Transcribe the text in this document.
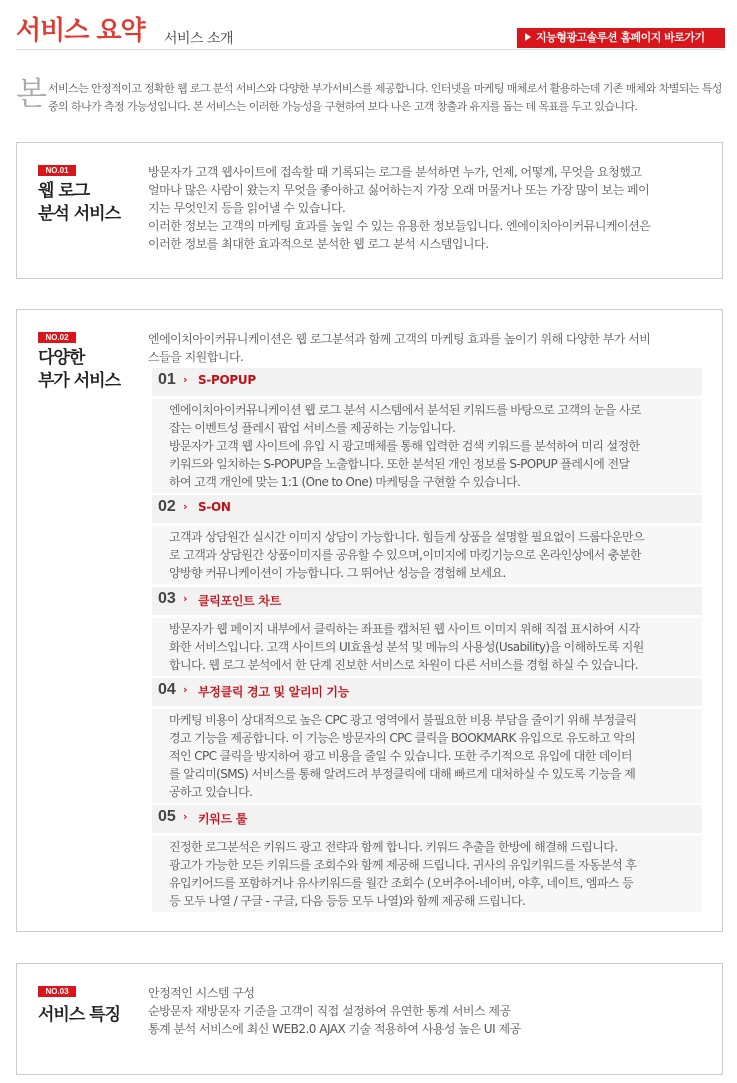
서비스 요약 서비스 소개	지능형광고솔루션 홈페이지 바로가기
본 서비스는 안정적이고 정확한 웹 로그 분석 서비스와 다양한 부가서비스를 제공합니다. 인터넷을 마케팅 매체로서 활용하는데 기존 매체와 차별되는 특성
중의 하나가 측정 가능성입니다. 본 서비스는 이러한 가능성을 구현하여 보다 나은 고객 창출과 유지를 돕는 데 목표를 두고 있습니다.
NO.01
웹 로그
분석 서비스

방문자가 고객 웹사이트에 접속할 때 기록되는 로그를 분석하면 누가, 언제, 어떻게, 무엇을 요청했고

얼마나 많은 사람이 왔는지 무엇을 좋아하고 싫어하는지 가장 오래 머물거나 또는 가장 많이 보는 페이

지는 무엇인지 등을 읽어낼 수 있습니다.

이러한 정보는 고객의 마케팅 효과를 높일 수 있는 유용한 정보들입니다. 엔에이치아이커뮤니케이션은

이러한 정보를 최대한 효과적으로 분석한 웹 로그 분석 시스템입니다.

NO.02
다양한
부가 서비스

엔에이치아이커뮤니케이션은 웹 로그분석과 함께 고객의 마케팅 효과를 높이기 위해 다양한 부가 서비

스들을 지원합니다.

01 › S-POPUP

엔에이치아이커뮤니케이션 웹 로그 분석 시스템에서 분석된 키워드를 바탕으로 고객의 눈을 사로

잡는 이벤트성 플레시 팝업 서비스를 제공하는 기능입니다.

방문자가 고객 웹 사이트에 유입 시 광고매체를 통해 입력한 검색 키워드를 분석하여 미리 설정한

키워드와 일치하는 S-POPUP을 노출합니다. 또한 분석된 개인 정보를 S-POPUP 플레시에 전달

하여 고객 개인에 맞는 1:1 (One to One) 마케팅을 구현할 수 있습니다.

02 › S-ON

고객과 상담원간 실시간 이미지 상담이 가능합니다. 힘들게 상품을 설명할 필요없이 드룹다운만으

로 고객과 상담원간 상품이미지를 공유할 수 있으며,이미지에 마킹기능으로 온라인상에서 충분한

양방향 커뮤니케이션이 가능합니다. 그 뛰어난 성능을 경험해 보세요.

03 › 클릭포인트 차트

방문자가 웹 페이지 내부에서 클릭하는 좌표를 캡처된 웹 사이트 이미지 위해 직접 표시하여 시각

화한 서비스입니다. 고객 사이트의 UI효율성 분석 및 메뉴의 사용성(Usability)을 이해하도록 지원

합니다. 웹 로그 분석에서 한 단계 진보한 서비스로 차원이 다른 서비스를 경험 하실 수 있습니다.

04 › 부정클릭 경고 및 알리미 기능

마케팅 비용이 상대적으로 높은 CPC 광고 영역에서 불필요한 비용 부담을 줄이기 위해 부정클릭

경고 기능을 제공합니다. 이 기능은 방문자의 CPC 클릭을 BOOKMARK 유입으로 유도하고 악의

적인 CPC 클릭을 방지하여 광고 비용을 줄일 수 있습니다. 또한 주기적으로 유입에 대한 데이터

를 알리미(SMS) 서비스를 통해 알려드려 부정클릭에 대해 빠르게 대처하실 수 있도록 기능을 제

공하고 있습니다.

05 › 키워드 툴

진정한 로그분석은 키워드 광고 전략과 함께 합니다. 키워드 추출을 한방에 해결해 드립니다.

광고가 가능한 모든 키워드를 조회수와 함께 제공해 드립니다. 귀사의 유입키워드를 자동분석 후

유입키어드를 포함하거나 유사키워드를 월간 조회수 (오버추어-네이버, 야후, 네이트, 엠파스 등

등 모두 나열 / 구글 - 구글, 다음 등등 모두 나열)와 함께 제공해 드립니다.

NO.03
서비스 특징

안정적인 시스템 구성

순방문자 재방문자 기준을 고객이 직접 설정하여 유연한 통계 서비스 제공

통계 분석 서비스에 최신 WEB2.0 AJAX 기술 적용하여 사용성 높은 UI 제공
